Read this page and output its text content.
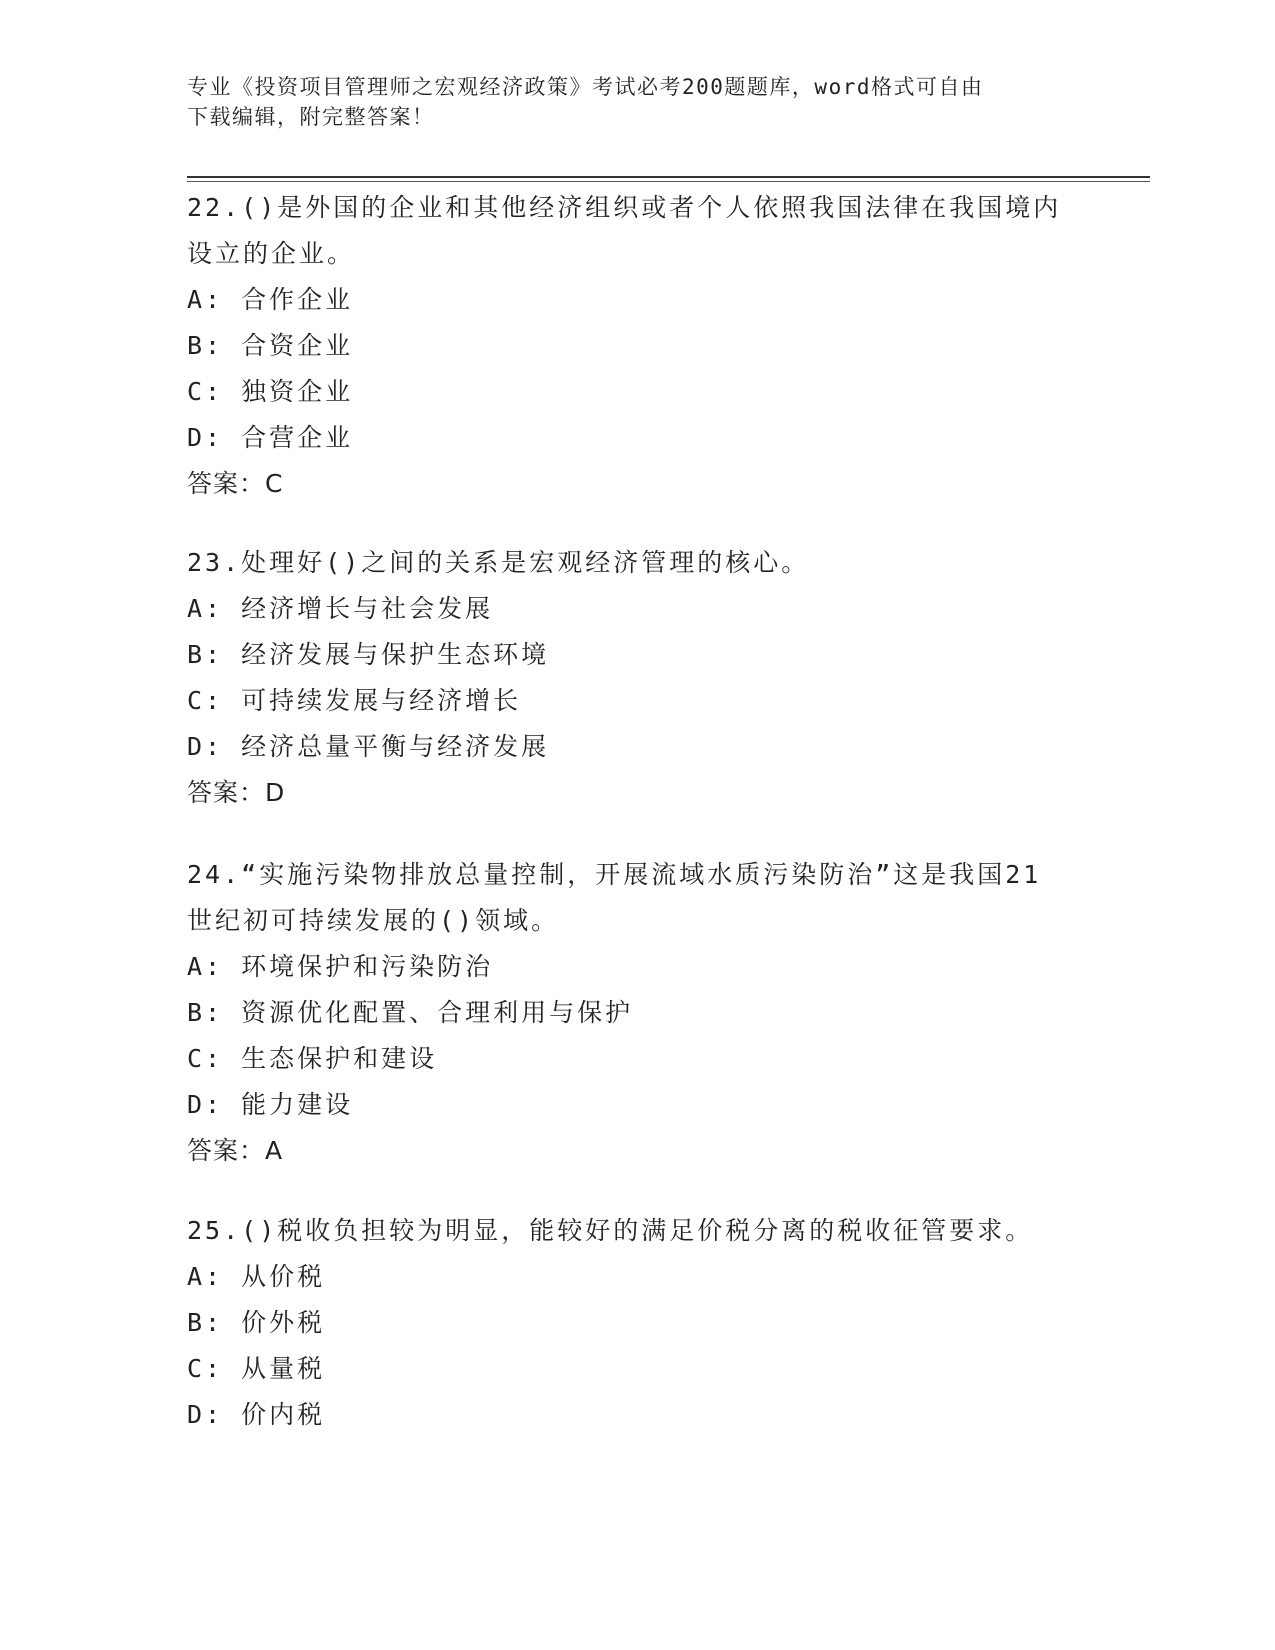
专业《投资项目管理师之宏观经济政策》考试必考200题题库，word格式可自由
下载编辑，附完整答案！
22.()是外国的企业和其他经济组织或者个人依照我国法律在我国境内
设立的企业。
A: 合作企业
B: 合资企业
C: 独资企业
D: 合营企业
答案：C
23.处理好()之间的关系是宏观经济管理的核心。
A: 经济增长与社会发展
B: 经济发展与保护生态环境
C: 可持续发展与经济增长
D: 经济总量平衡与经济发展
答案：D
24.“实施污染物排放总量控制，开展流域水质污染防治”这是我国21
世纪初可持续发展的()领域。
A: 环境保护和污染防治
B: 资源优化配置、合理利用与保护
C: 生态保护和建设
D: 能力建设
答案：A
25.()税收负担较为明显，能较好的满足价税分离的税收征管要求。
A: 从价税
B: 价外税
C: 从量税
D: 价内税
